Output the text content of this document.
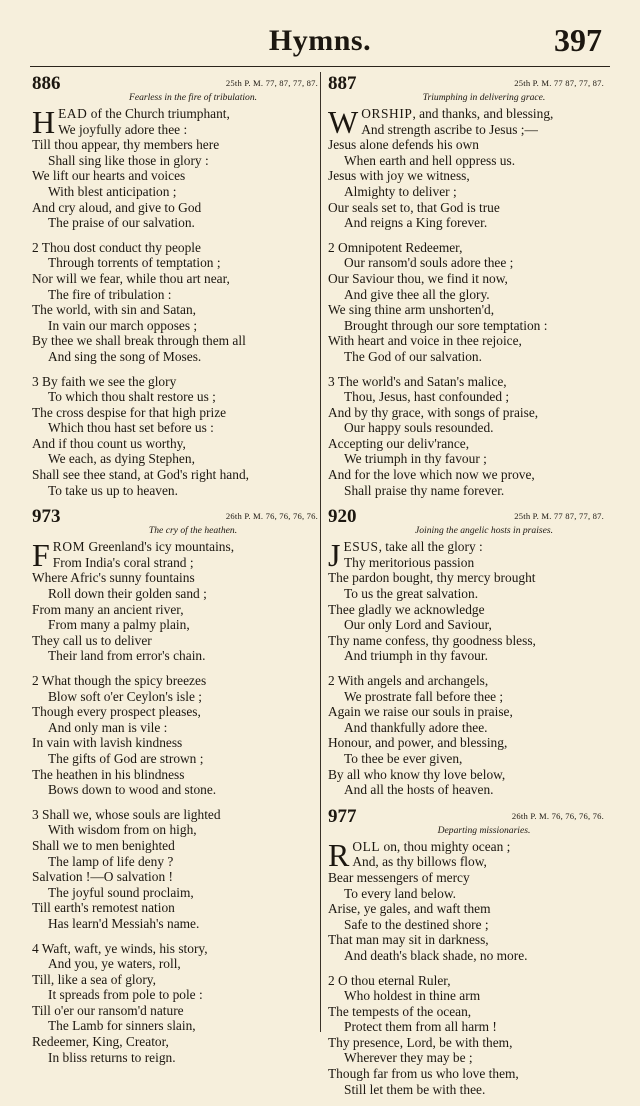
Hymns.	397
886	25th P. M. 77, 87, 77, 87.
Fearless in the fire of tribulation.
HEAD of the Church triumphant,
We joyfully adore thee :
Till thou appear, thy members here
Shall sing like those in glory :
We lift our hearts and voices
With blest anticipation ;
And cry aloud, and give to God
The praise of our salvation.
2 Thou dost conduct thy people
Through torrents of temptation ;
Nor will we fear, while thou art near,
The fire of tribulation :
The world, with sin and Satan,
In vain our march opposes ;
By thee we shall break through them all
And sing the song of Moses.
3 By faith we see the glory
To which thou shalt restore us ;
The cross despise for that high prize
Which thou hast set before us :
And if thou count us worthy,
We each, as dying Stephen,
Shall see thee stand, at God's right hand,
To take us up to heaven.
973	26th P. M. 76, 76, 76, 76.
The cry of the heathen.
FROM Greenland's icy mountains,
From India's coral strand ;
Where Afric's sunny fountains
Roll down their golden sand ;
From many an ancient river,
From many a palmy plain,
They call us to deliver
Their land from error's chain.
2 What though the spicy breezes
Blow soft o'er Ceylon's isle ;
Though every prospect pleases,
And only man is vile :
In vain with lavish kindness
The gifts of God are strown ;
The heathen in his blindness
Bows down to wood and stone.
3 Shall we, whose souls are lighted
With wisdom from on high,
Shall we to men benighted
The lamp of life deny ?
Salvation !—O salvation !
The joyful sound proclaim,
Till earth's remotest nation
Has learn'd Messiah's name.
4 Waft, waft, ye winds, his story,
And you, ye waters, roll,
Till, like a sea of glory,
It spreads from pole to pole :
Till o'er our ransom'd nature
The Lamb for sinners slain,
Redeemer, King, Creator,
In bliss returns to reign.
887	25th P. M. 77 87, 77, 87.
Triumphing in delivering grace.
WORSHIP, and thanks, and blessing,
And strength ascribe to Jesus ;—
Jesus alone defends his own
When earth and hell oppress us.
Jesus with joy we witness,
Almighty to deliver ;
Our seals set to, that God is true
And reigns a King forever.
2 Omnipotent Redeemer,
Our ransom'd souls adore thee ;
Our Saviour thou, we find it now,
And give thee all the glory.
We sing thine arm unshorten'd,
Brought through our sore temptation :
With heart and voice in thee rejoice,
The God of our salvation.
3 The world's and Satan's malice,
Thou, Jesus, hast confounded ;
And by thy grace, with songs of praise,
Our happy souls resounded.
Accepting our deliv'rance,
We triumph in thy favour ;
And for the love which now we prove,
Shall praise thy name forever.
920	25th P. M. 77 87, 77, 87.
Joining the angelic hosts in praises.
JESUS, take all the glory :
Thy meritorious passion
The pardon bought, thy mercy brought
To us the great salvation.
Thee gladly we acknowledge
Our only Lord and Saviour,
Thy name confess, thy goodness bless,
And triumph in thy favour.
2 With angels and archangels,
We prostrate fall before thee ;
Again we raise our souls in praise,
And thankfully adore thee.
Honour, and power, and blessing,
To thee be ever given,
By all who know thy love below,
And all the hosts of heaven.
977	26th P. M. 76, 76, 76, 76.
Departing missionaries.
ROLL on, thou mighty ocean ;
And, as thy billows flow,
Bear messengers of mercy
To every land below.
Arise, ye gales, and waft them
Safe to the destined shore ;
That man may sit in darkness,
And death's black shade, no more.
2 O thou eternal Ruler,
Who holdest in thine arm
The tempests of the ocean,
Protect them from all harm !
Thy presence, Lord, be with them,
Wherever they may be ;
Though far from us who love them,
Still let them be with thee.
